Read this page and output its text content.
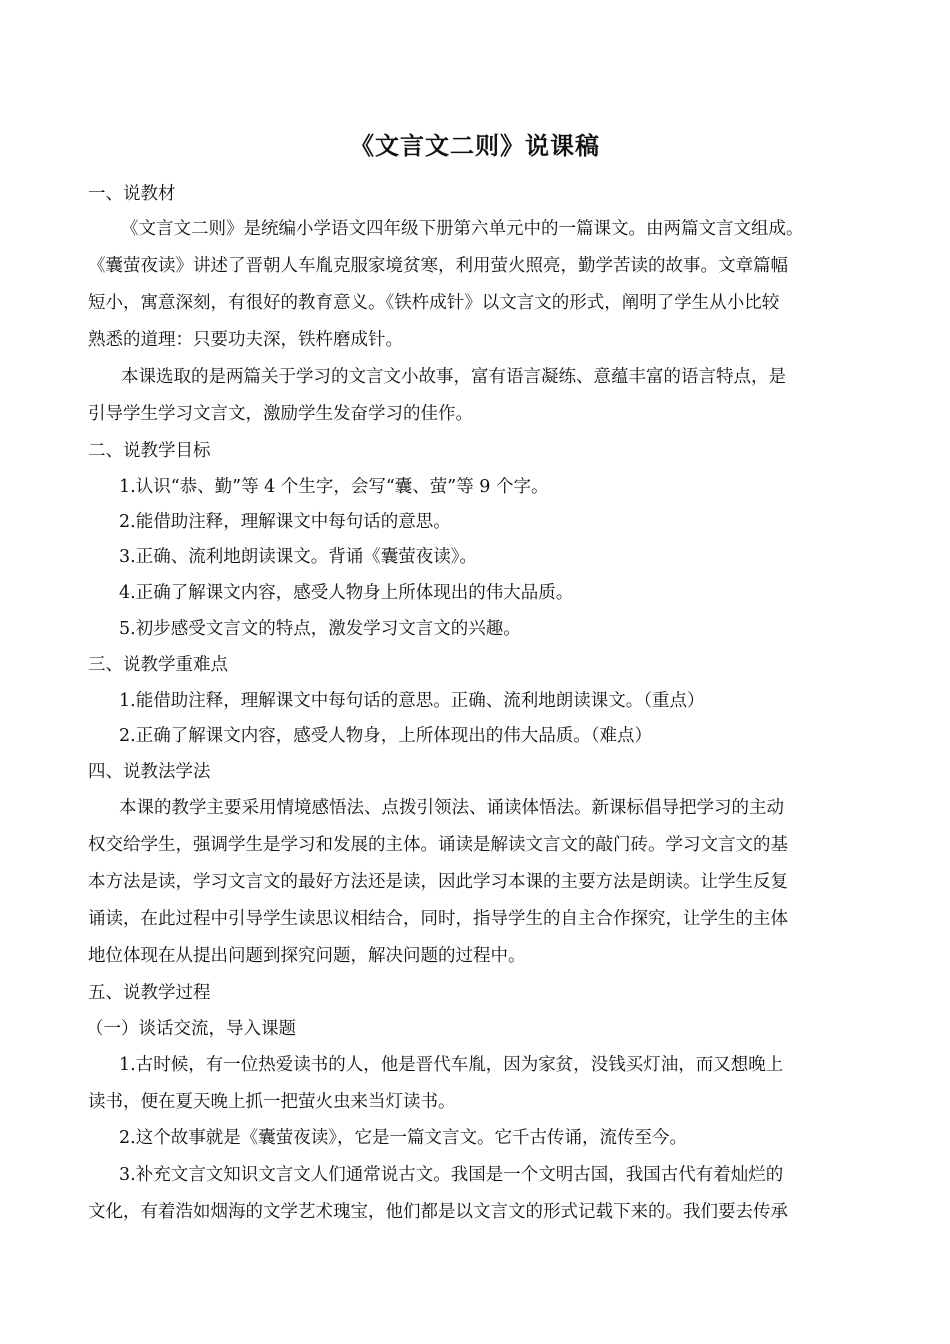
《文言文二则》说课稿
一、说教材
《文言文二则》是统编小学语文四年级下册第六单元中的一篇课文。由两篇文言文组成。
《囊萤夜读》讲述了晋朝人车胤克服家境贫寒，利用萤火照亮，勤学苦读的故事。文章篇幅
短小，寓意深刻，有很好的教育意义。《铁杵成针》以文言文的形式，阐明了学生从小比较
熟悉的道理：只要功夫深，铁杵磨成针。
本课选取的是两篇关于学习的文言文小故事，富有语言凝练、意蕴丰富的语言特点，是
引导学生学习文言文，激励学生发奋学习的佳作。
二、说教学目标
1.认识“恭、勤”等 4 个生字，会写“囊、萤”等 9 个字。
2.能借助注释，理解课文中每句话的意思。
3.正确、流利地朗读课文。背诵《囊萤夜读》。
4.正确了解课文内容，感受人物身上所体现出的伟大品质。
5.初步感受文言文的特点，激发学习文言文的兴趣。
三、说教学重难点
1.能借助注释，理解课文中每句话的意思。正确、流利地朗读课文。（重点）
2.正确了解课文内容，感受人物身，上所体现出的伟大品质。（难点）
四、说教法学法
本课的教学主要采用情境感悟法、点拨引领法、诵读体悟法。新课标倡导把学习的主动
权交给学生，强调学生是学习和发展的主体。诵读是解读文言文的敲门砖。学习文言文的基
本方法是读，学习文言文的最好方法还是读，因此学习本课的主要方法是朗读。让学生反复
诵读，在此过程中引导学生读思议相结合，同时，指导学生的自主合作探究，让学生的主体
地位体现在从提出问题到探究问题，解决问题的过程中。
五、说教学过程
（一）谈话交流，导入课题
1.古时候，有一位热爱读书的人，他是晋代车胤，因为家贫，没钱买灯油，而又想晚上
读书，便在夏天晚上抓一把萤火虫来当灯读书。
2.这个故事就是《囊萤夜读》，它是一篇文言文。它千古传诵，流传至今。
3.补充文言文知识文言文人们通常说古文。我国是一个文明古国，我国古代有着灿烂的
文化，有着浩如烟海的文学艺术瑰宝，他们都是以文言文的形式记载下来的。我们要去传承
